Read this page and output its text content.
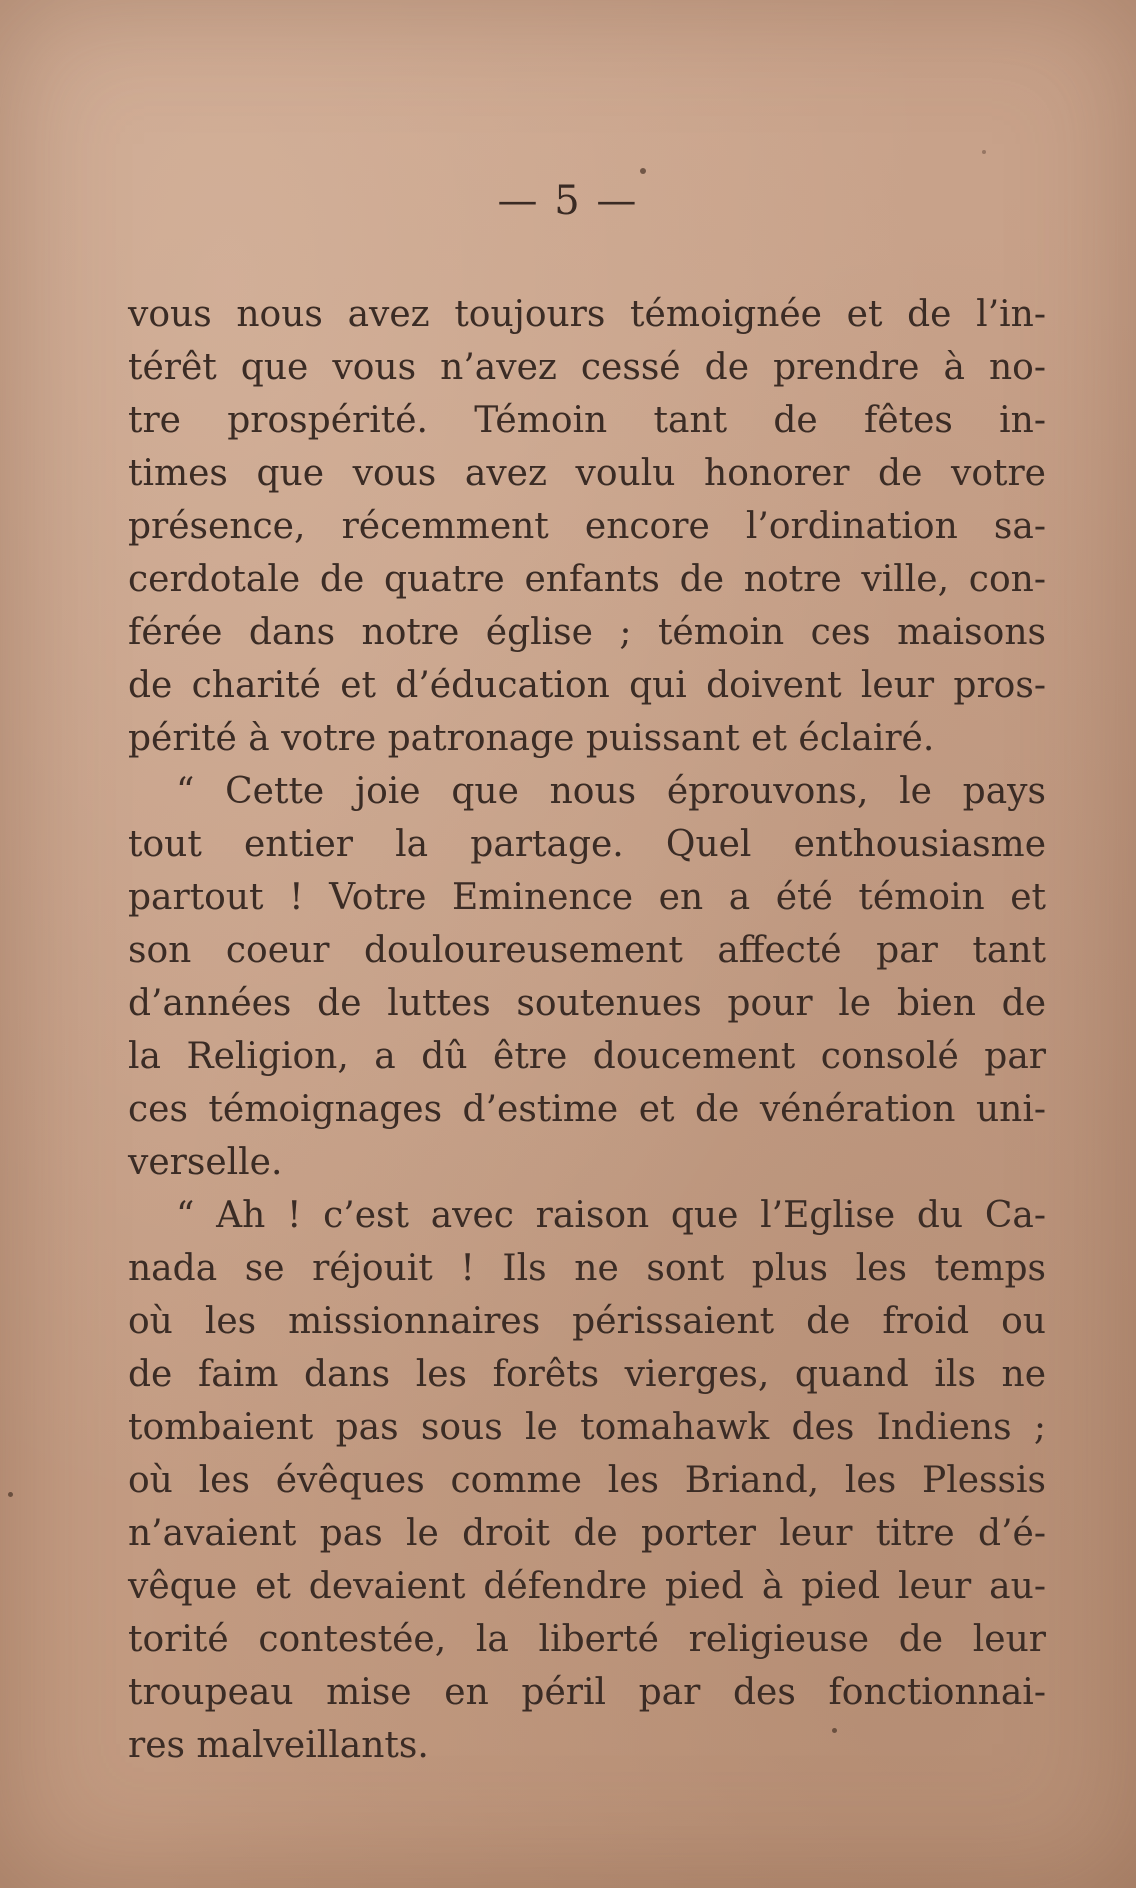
— 5 —
vous nous avez toujours témoignée et de l’in-
térêt que vous n’avez cessé de prendre à no-
tre prospérité. Témoin tant de fêtes in-
times que vous avez voulu honorer de votre
présence, récemment encore l’ordination sa-
cerdotale de quatre enfants de notre ville, con-
férée dans notre église ; témoin ces maisons
de charité et d’éducation qui doivent leur pros-
périté à votre patronage puissant et éclairé.
“ Cette joie que nous éprouvons, le pays
tout entier la partage. Quel enthousiasme
partout ! Votre Eminence en a été témoin et
son coeur douloureusement affecté par tant
d’années de luttes soutenues pour le bien de
la Religion, a dû être doucement consolé par
ces témoignages d’estime et de vénération uni-
verselle.
“ Ah ! c’est avec raison que l’Eglise du Ca-
nada se réjouit ! Ils ne sont plus les temps
où les missionnaires périssaient de froid ou
de faim dans les forêts vierges, quand ils ne
tombaient pas sous le tomahawk des Indiens ;
où les évêques comme les Briand, les Plessis
n’avaient pas le droit de porter leur titre d’é-
vêque et devaient défendre pied à pied leur au-
torité contestée, la liberté religieuse de leur
troupeau mise en péril par des fonctionnai-
res malveillants.
